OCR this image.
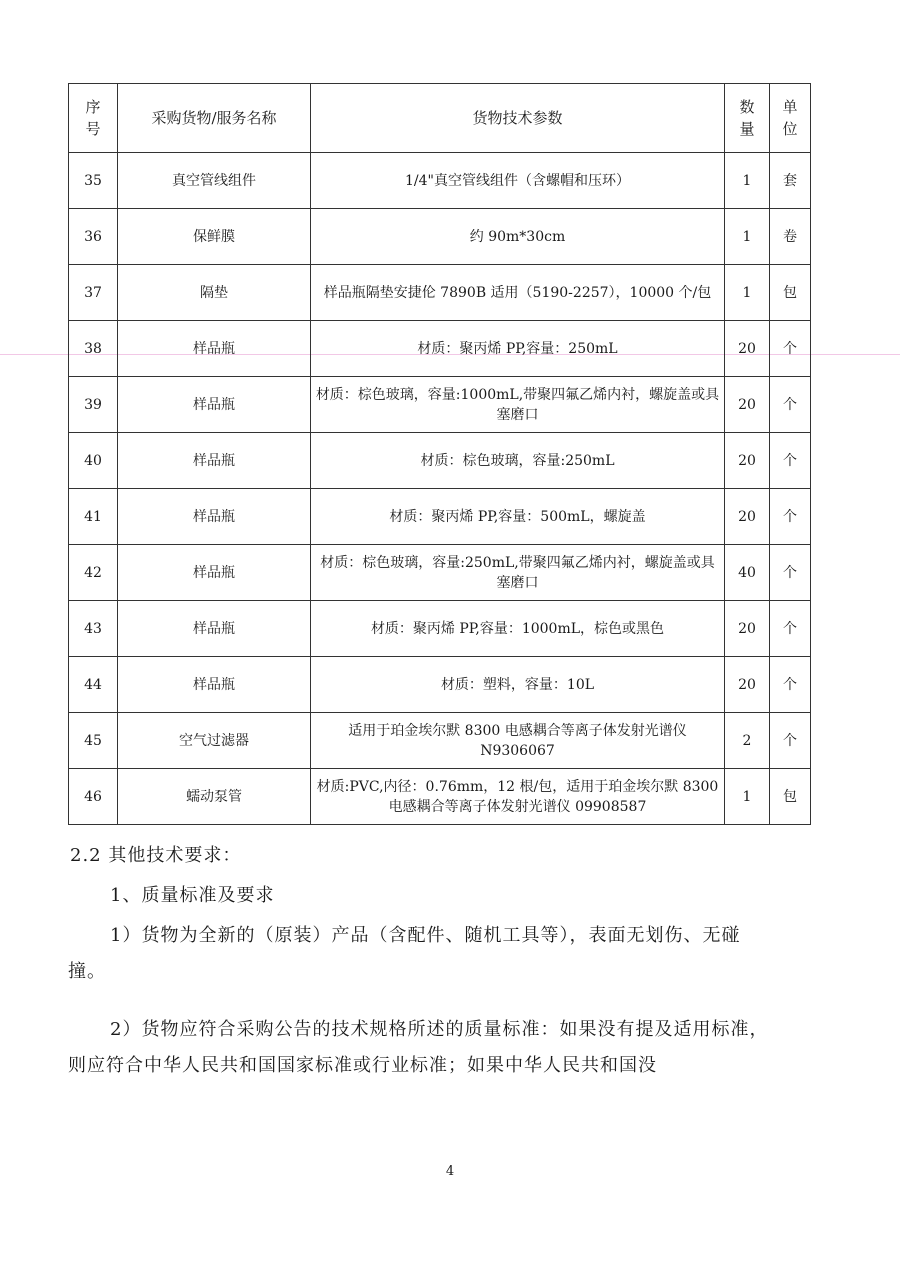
序号	采购货物/服务名称	货物技术参数	数量	单位
35	真空管线组件	1/4"真空管线组件（含螺帽和压环）	1	套
36	保鲜膜	约 90m*30cm	1	卷
37	隔垫	样品瓶隔垫安捷伦 7890B 适用（5190-2257），10000 个/包	1	包
38	样品瓶	材质：聚丙烯 PP,容量：250mL	20	个
39	样品瓶	材质：棕色玻璃，容量:1000mL,带聚四氟乙烯内衬，螺旋盖或具塞磨口	20	个
40	样品瓶	材质：棕色玻璃，容量:250mL	20	个
41	样品瓶	材质：聚丙烯 PP,容量：500mL，螺旋盖	20	个
42	样品瓶	材质：棕色玻璃，容量:250mL,带聚四氟乙烯内衬，螺旋盖或具塞磨口	40	个
43	样品瓶	材质：聚丙烯 PP,容量：1000mL，棕色或黑色	20	个
44	样品瓶	材质：塑料，容量：10L	20	个
45	空气过滤器	适用于珀金埃尔默 8300 电感耦合等离子体发射光谱仪 N9306067	2	个
46	蠕动泵管	材质:PVC,内径：0.76mm，12 根/包，适用于珀金埃尔默 8300 电感耦合等离子体发射光谱仪 09908587	1	包
2.2 其他技术要求：
1、质量标准及要求
1）货物为全新的（原装）产品（含配件、随机工具等），表面无划伤、无碰撞。
2）货物应符合采购公告的技术规格所述的质量标准：如果没有提及适用标准，则应符合中华人民共和国国家标准或行业标准；如果中华人民共和国没
4
